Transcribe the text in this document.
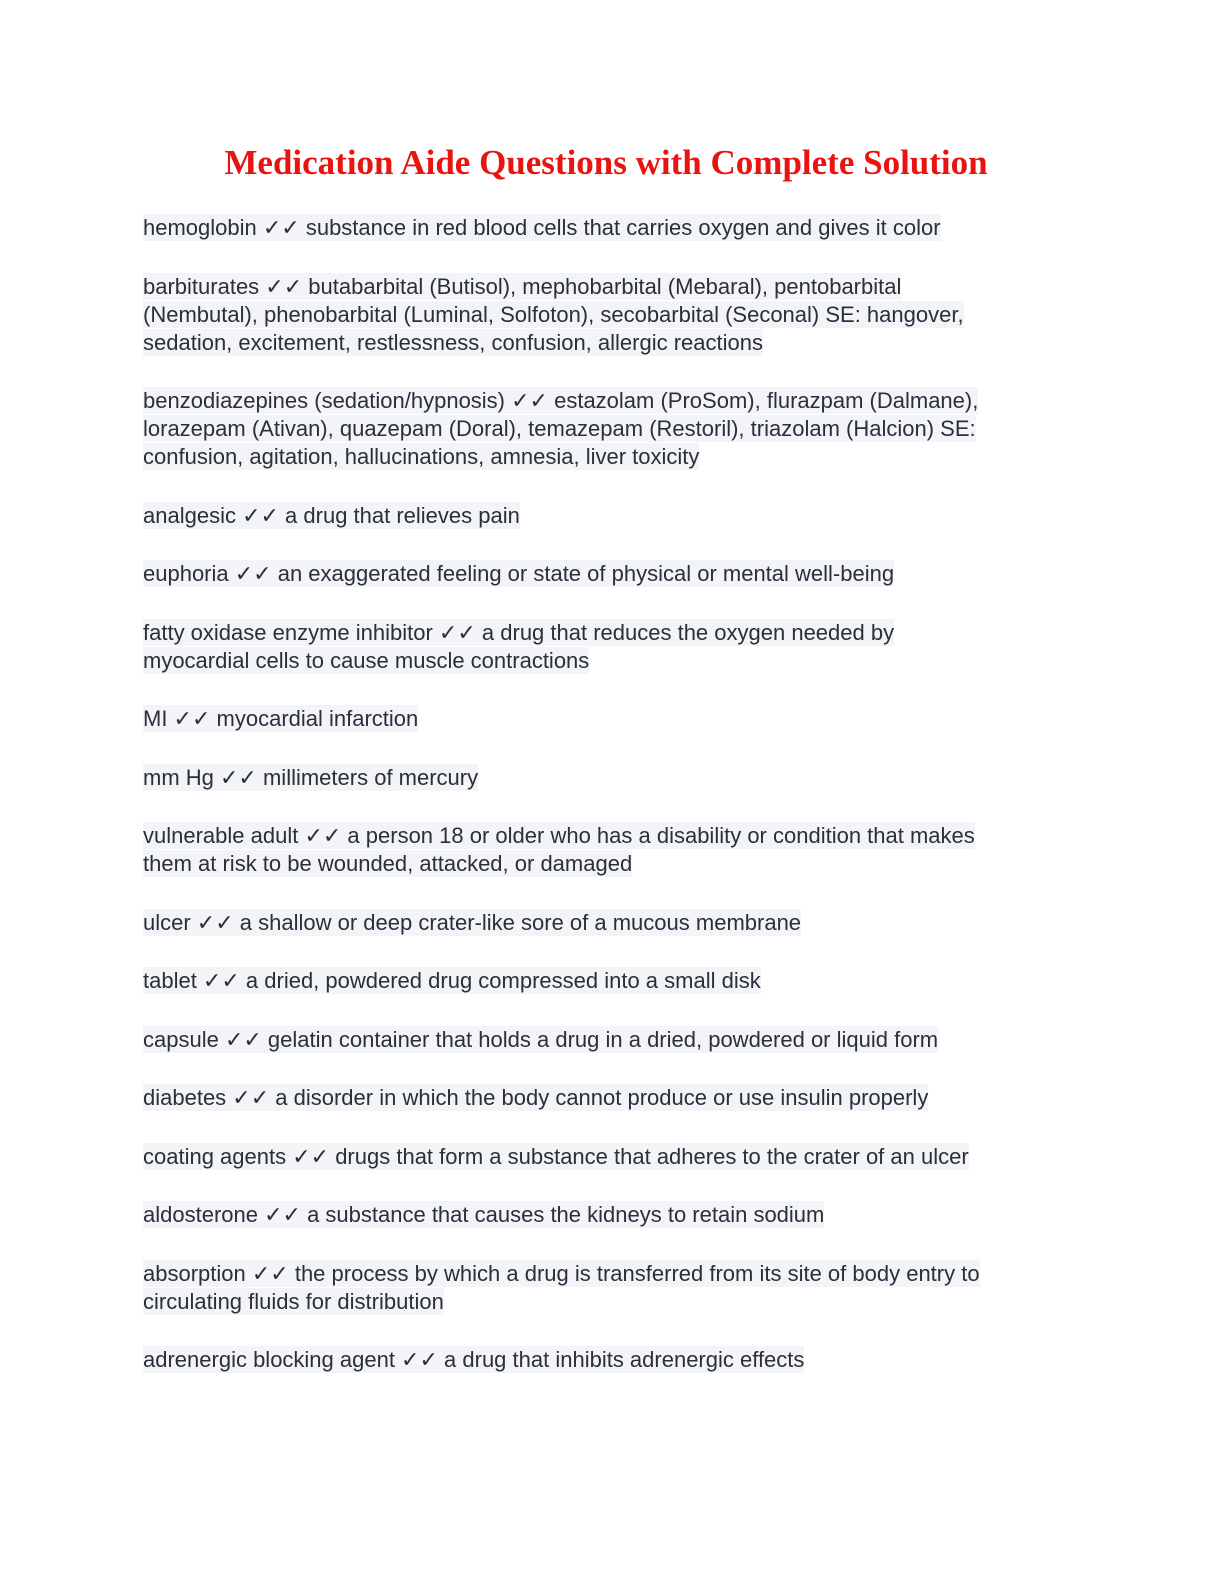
Medication Aide Questions with Complete Solution

hemoglobin ✓✓ substance in red blood cells that carries oxygen and gives it color

barbiturates ✓✓ butabarbital (Butisol), mephobarbital (Mebaral), pentobarbital
(Nembutal), phenobarbital (Luminal, Solfoton), secobarbital (Seconal) SE: hangover,
sedation, excitement, restlessness, confusion, allergic reactions

benzodiazepines (sedation/hypnosis) ✓✓ estazolam (ProSom), flurazpam (Dalmane),
lorazepam (Ativan), quazepam (Doral), temazepam (Restoril), triazolam (Halcion) SE:
confusion, agitation, hallucinations, amnesia, liver toxicity

analgesic ✓✓ a drug that relieves pain

euphoria ✓✓ an exaggerated feeling or state of physical or mental well-being

fatty oxidase enzyme inhibitor ✓✓ a drug that reduces the oxygen needed by
myocardial cells to cause muscle contractions

MI ✓✓ myocardial infarction

mm Hg ✓✓ millimeters of mercury

vulnerable adult ✓✓ a person 18 or older who has a disability or condition that makes
them at risk to be wounded, attacked, or damaged

ulcer ✓✓ a shallow or deep crater-like sore of a mucous membrane

tablet ✓✓ a dried, powdered drug compressed into a small disk

capsule ✓✓ gelatin container that holds a drug in a dried, powdered or liquid form

diabetes ✓✓ a disorder in which the body cannot produce or use insulin properly

coating agents ✓✓ drugs that form a substance that adheres to the crater of an ulcer

aldosterone ✓✓ a substance that causes the kidneys to retain sodium

absorption ✓✓ the process by which a drug is transferred from its site of body entry to
circulating fluids for distribution

adrenergic blocking agent ✓✓ a drug that inhibits adrenergic effects
